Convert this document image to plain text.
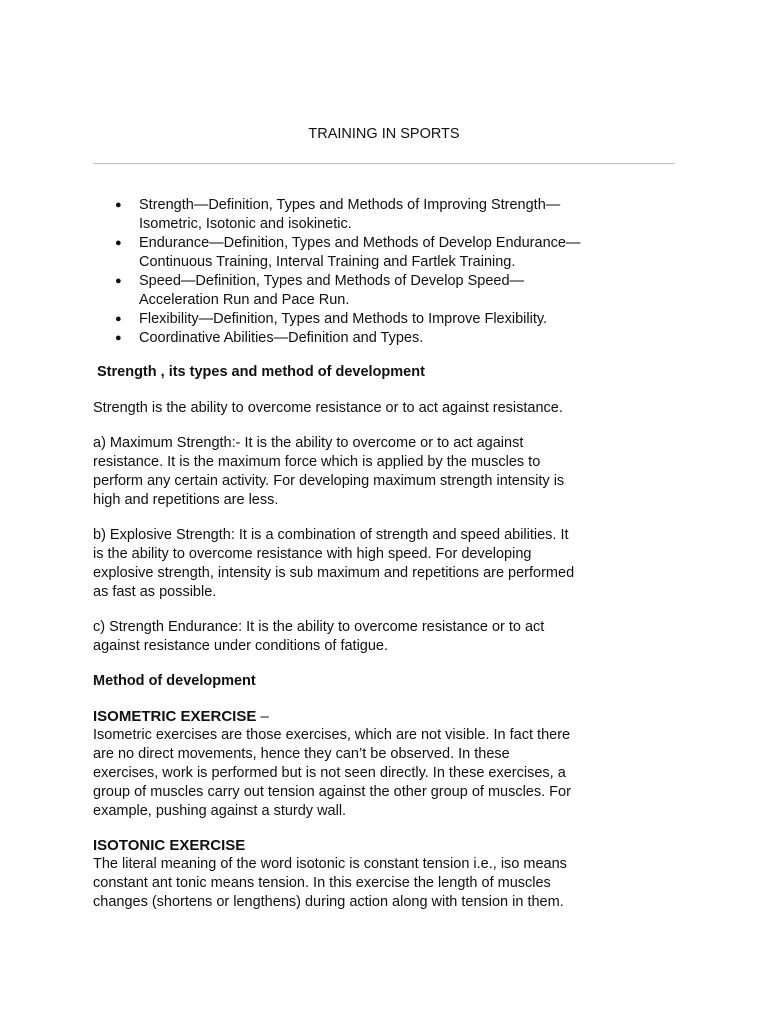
TRAINING IN SPORTS
● Strength—Definition, Types and Methods of Improving Strength—
Isometric, Isotonic and isokinetic.
● Endurance—Definition, Types and Methods of Develop Endurance—
Continuous Training, Interval Training and Fartlek Training.
● Speed—Definition, Types and Methods of Develop Speed—
Acceleration Run and Pace Run.
● Flexibility—Definition, Types and Methods to Improve Flexibility.
● Coordinative Abilities—Definition and Types.

Strength , its types and method of development

Strength is the ability to overcome resistance or to act against resistance.

a) Maximum Strength:- It is the ability to overcome or to act against
resistance. It is the maximum force which is applied by the muscles to
perform any certain activity. For developing maximum strength intensity is
high and repetitions are less.

b) Explosive Strength: It is a combination of strength and speed abilities. It
is the ability to overcome resistance with high speed. For developing
explosive strength, intensity is sub maximum and repetitions are performed
as fast as possible.

c) Strength Endurance: It is the ability to overcome resistance or to act
against resistance under conditions of fatigue.

Method of development

ISOMETRIC EXERCISE –

Isometric exercises are those exercises, which are not visible. In fact there
are no direct movements, hence they can’t be observed. In these
exercises, work is performed but is not seen directly. In these exercises, a
group of muscles carry out tension against the other group of muscles. For
example, pushing against a sturdy wall.

ISOTONIC EXERCISE

The literal meaning of the word isotonic is constant tension i.e., iso means
constant ant tonic means tension. In this exercise the length of muscles
changes (shortens or lengthens) during action along with tension in them.
